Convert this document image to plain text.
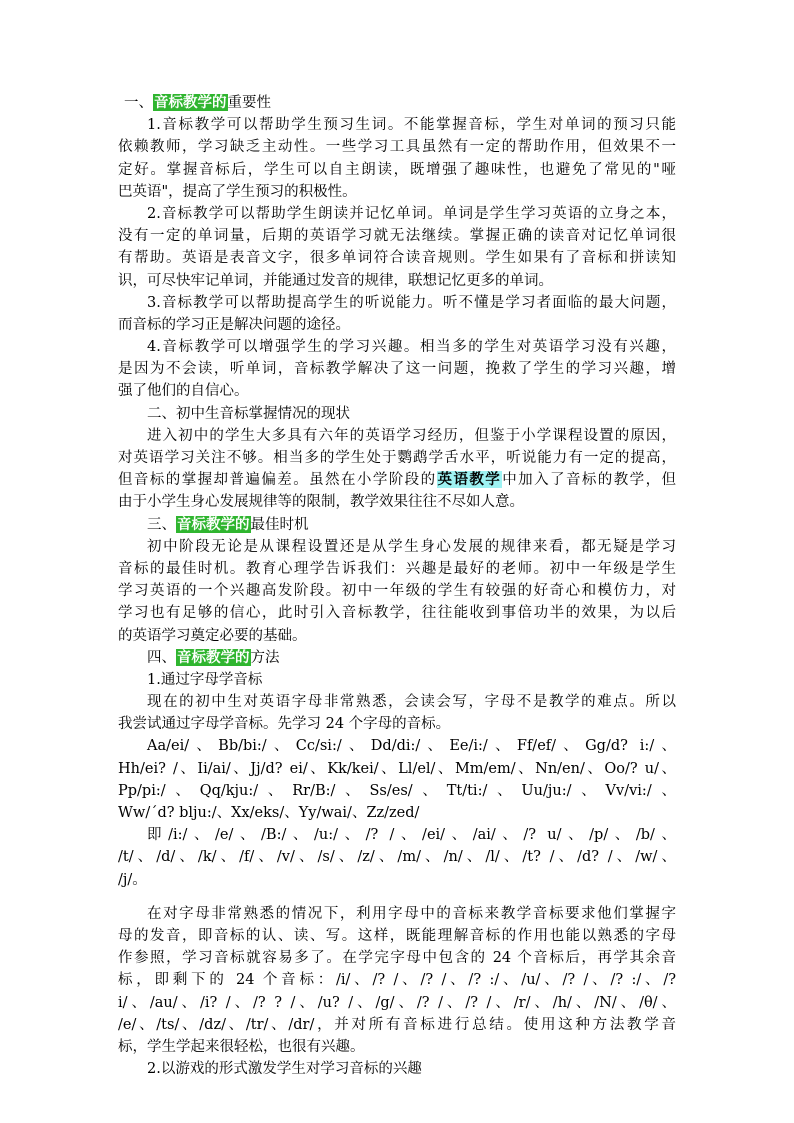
一、音标教学的重要性
1.音标教学可以帮助学生预习生词。不能掌握音标，学生对单词的预习只能
依赖教师，学习缺乏主动性。一些学习工具虽然有一定的帮助作用，但效果不一
定好。掌握音标后，学生可以自主朗读，既增强了趣味性，也避免了常见的"哑
巴英语"，提高了学生预习的积极性。
2.音标教学可以帮助学生朗读并记忆单词。单词是学生学习英语的立身之本，
没有一定的单词量，后期的英语学习就无法继续。掌握正确的读音对记忆单词很
有帮助。英语是表音文字，很多单词符合读音规则。学生如果有了音标和拼读知
识，可尽快牢记单词，并能通过发音的规律，联想记忆更多的单词。
3.音标教学可以帮助提高学生的听说能力。听不懂是学习者面临的最大问题，
而音标的学习正是解决问题的途径。
4.音标教学可以增强学生的学习兴趣。相当多的学生对英语学习没有兴趣，
是因为不会读，听单词，音标教学解决了这一问题，挽救了学生的学习兴趣，增
强了他们的自信心。
二、初中生音标掌握情况的现状
进入初中的学生大多具有六年的英语学习经历，但鉴于小学课程设置的原因，
对英语学习关注不够。相当多的学生处于鹦鹉学舌水平，听说能力有一定的提高，
但音标的掌握却普遍偏差。虽然在小学阶段的英语教学中加入了音标的教学，但
由于小学生身心发展规律等的限制，教学效果往往不尽如人意。
三、音标教学的最佳时机
初中阶段无论是从课程设置还是从学生身心发展的规律来看，都无疑是学习
音标的最佳时机。教育心理学告诉我们：兴趣是最好的老师。初中一年级是学生
学习英语的一个兴趣高发阶段。初中一年级的学生有较强的好奇心和模仿力，对
学习也有足够的信心，此时引入音标教学，往往能收到事倍功半的效果，为以后
的英语学习奠定必要的基础。
四、音标教学的方法
1.通过字母学音标
现在的初中生对英语字母非常熟悉，会读会写，字母不是教学的难点。所以
我尝试通过字母学音标。先学习 24 个字母的音标。
Aa/ei/、Bb/bi:/、Cc/si:/、Dd/di:/、Ee/i:/、Ff/ef/、Gg/d? i:/、
Hh/ei? /、Ii/ai/、Jj/d? ei/、Kk/kei/、Ll/el/、Mm/em/、Nn/en/、Oo/? u/、
Pp/pi:/、Qq/kju:/、Rr/B:/、Ss/es/、Tt/ti:/、Uu/ju:/、Vv/vi:/、
Ww/ˊd? blju:/、Xx/eks/、Yy/wai/、Zz/zed/
即/i:/、/e/、/B:/、/u:/、/? /、/ei/、/ai/、/? u/、/p/、/b/、
/t/、/d/、/k/、/f/、/v/、/s/、/z/、/m/、/n/、/l/、/t? /、/d? /、/w/、
/j/。
在对字母非常熟悉的情况下，利用字母中的音标来教学音标要求他们掌握字
母的发音，即音标的认、读、写。这样，既能理解音标的作用也能以熟悉的字母
作参照，学习音标就容易多了。在学完字母中包含的 24 个音标后，再学其余音
标，即剩下的 24 个音标：/i/、/? /、/? /、/? :/、/u/、/? /、/? :/、/?
i/、/au/、/i? /、/? ? /、/u? /、/g/、/? /、/? /、/r/、/h/、/N/、/θ/、
/e/、/ts/、/dz/、/tr/、/dr/，并对所有音标进行总结。使用这种方法教学音
标，学生学起来很轻松，也很有兴趣。
2.以游戏的形式激发学生对学习音标的兴趣
